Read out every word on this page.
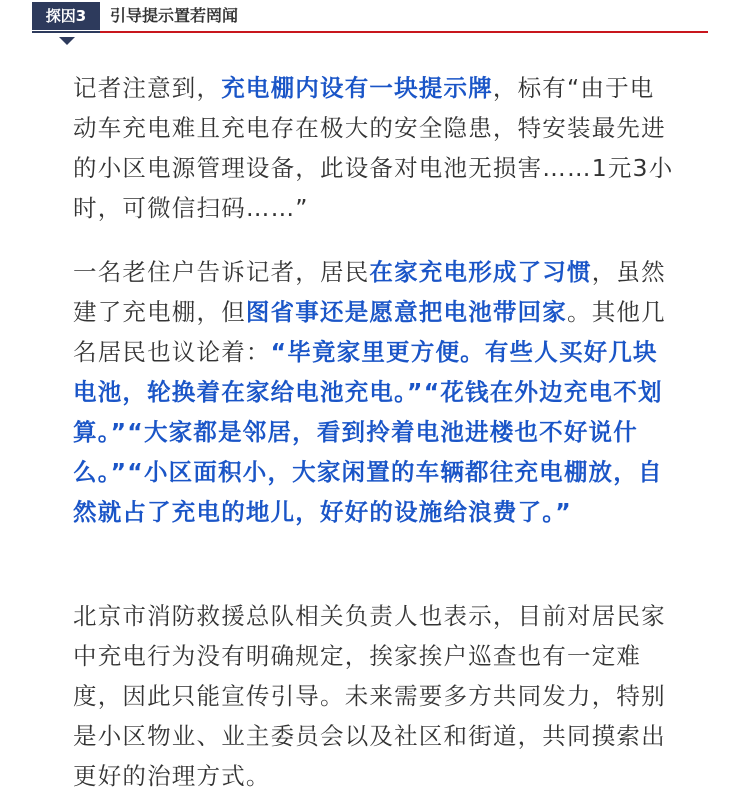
探因3	引导提示置若罔闻

记者注意到，充电棚内设有一块提示牌，标有“由于电动车充电难且充电存在极大的安全隐患，特安装最先进的小区电源管理设备，此设备对电池无损害……1元3小时，可微信扫码……”

一名老住户告诉记者，居民在家充电形成了习惯，虽然建了充电棚，但图省事还是愿意把电池带回家。其他几名居民也议论着：“毕竟家里更方便。有些人买好几块电池，轮换着在家给电池充电。”“花钱在外边充电不划算。”“大家都是邻居，看到拎着电池进楼也不好说什么。”“小区面积小，大家闲置的车辆都往充电棚放，自然就占了充电的地儿，好好的设施给浪费了。”

北京市消防救援总队相关负责人也表示，目前对居民家中充电行为没有明确规定，挨家挨户巡查也有一定难度，因此只能宣传引导。未来需要多方共同发力，特别是小区物业、业主委员会以及社区和街道，共同摸索出更好的治理方式。
